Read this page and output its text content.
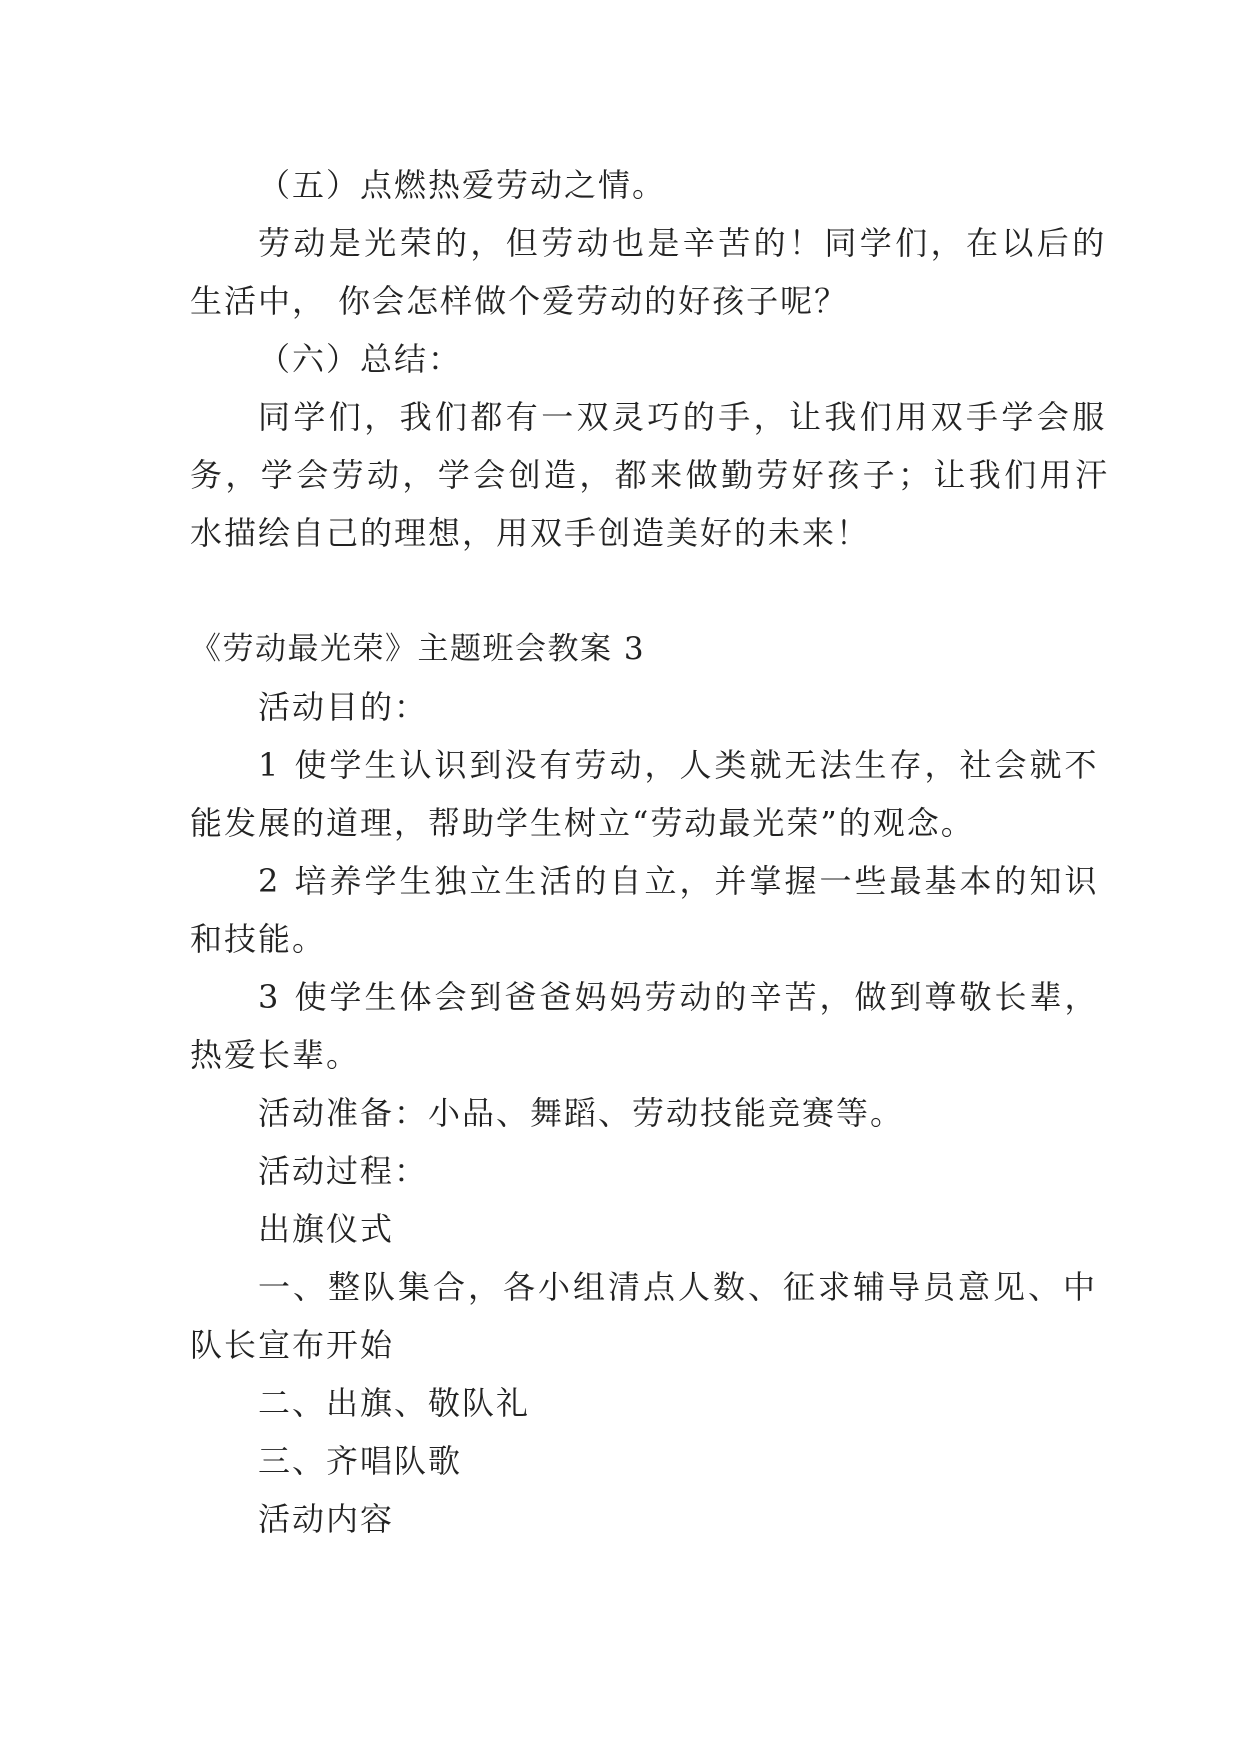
（五）点燃热爱劳动之情。
劳动是光荣的，但劳动也是辛苦的！同学们，在以后的
生活中， 你会怎样做个爱劳动的好孩子呢？
（六）总结：
同学们，我们都有一双灵巧的手，让我们用双手学会服
务，学会劳动，学会创造，都来做勤劳好孩子；让我们用汗
水描绘自己的理想，用双手创造美好的未来！
《劳动最光荣》主题班会教案 3
活动目的：
1 使学生认识到没有劳动，人类就无法生存，社会就不
能发展的道理，帮助学生树立“劳动最光荣”的观念。
2 培养学生独立生活的自立，并掌握一些最基本的知识
和技能。
3 使学生体会到爸爸妈妈劳动的辛苦，做到尊敬长辈，
热爱长辈。
活动准备：小品、舞蹈、劳动技能竞赛等。
活动过程：
出旗仪式
一、整队集合，各小组清点人数、征求辅导员意见、中
队长宣布开始
二、出旗、敬队礼
三、齐唱队歌
活动内容
